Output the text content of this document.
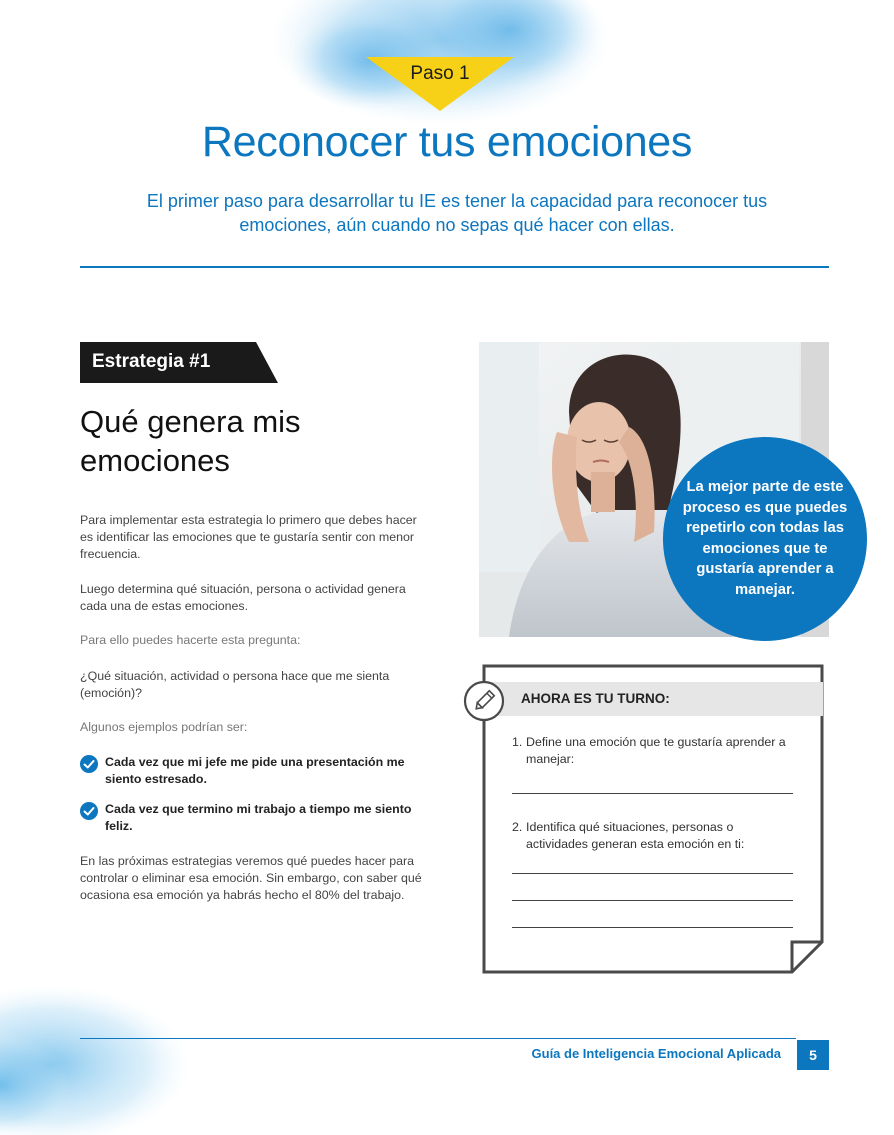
Paso 1
Reconocer tus emociones

El primer paso para desarrollar tu IE es tener la capacidad para reconocer tus emociones, aún cuando no sepas qué hacer con ellas.

Estrategia #1
Qué genera mis
emociones

Para implementar esta estrategia lo primero que debes hacer es identificar las emociones que te gustaría sentir con menor frecuencia.

Luego determina qué situación, persona o actividad genera cada una de estas emociones.

Para ello puedes hacerte esta pregunta:

¿Qué situación, actividad o persona hace que me sienta (emoción)?

Algunos ejemplos podrían ser:

Cada vez que mi jefe me pide una presentación me siento estresado.
Cada vez que termino mi trabajo a tiempo me siento feliz.

En las próximas estrategias veremos qué puedes hacer para controlar o eliminar esa emoción. Sin embargo, con saber qué ocasiona esa emoción ya habrás hecho el 80% del trabajo.

La mejor parte de este proceso es que puedes repetirlo con todas las emociones que te gustaría aprender a manejar.
AHORA ES TU TURNO:
1. Define una emoción que te gustaría aprender a manejar:
2. Identifica qué situaciones, personas o actividades generan esta emoción en ti:
Guía de Inteligencia Emocional Aplicada	5
